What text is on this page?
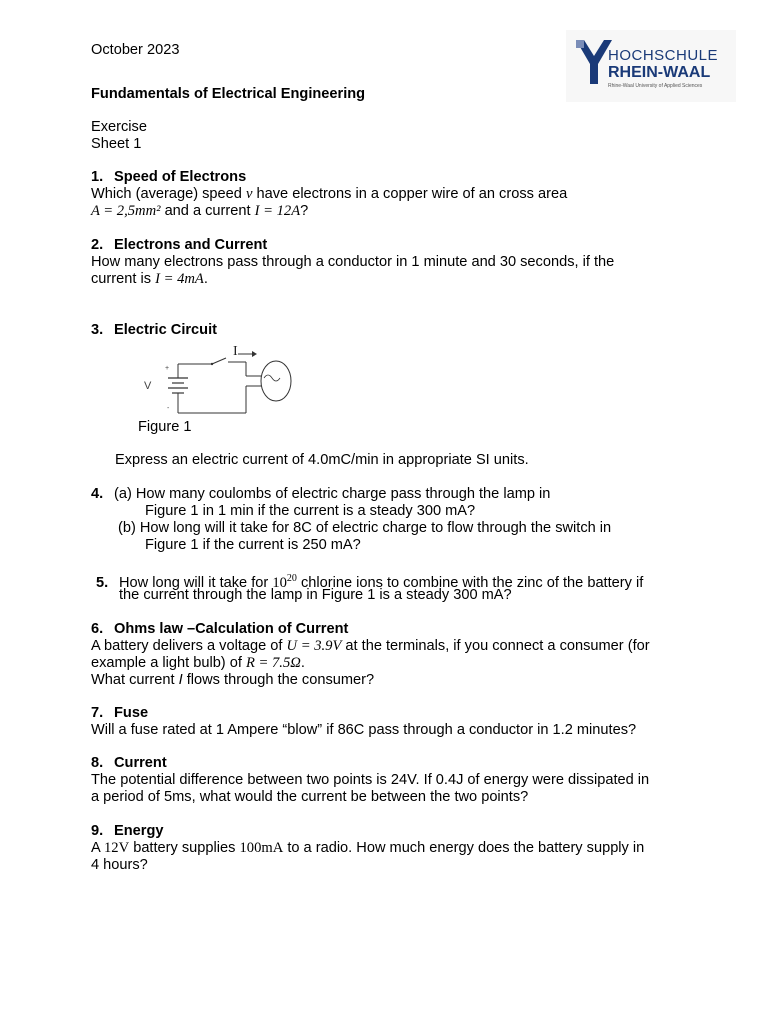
October 2023
Fundamentals of Electrical Engineering
Exercise
Sheet 1
HOCHSCHULE
RHEIN-WAAL
Rhine-Waal University of Applied Sciences
1. Speed of Electrons
Which (average) speed v have electrons in a copper wire of an cross area
A = 2,5mm² and a current I = 12A?
2. Electrons and Current
How many electrons pass through a conductor in 1 minute and 30 seconds, if the
current is I = 4mA.
3. Electric Circuit
I
V
+
-
Figure 1
Express an electric current of 4.0mC/min in appropriate SI units.
4. (a) How many coulombs of electric charge pass through the lamp in
Figure 1 in 1 min if the current is a steady 300 mA?
(b) How long will it take for 8C of electric charge to flow through the switch in
Figure 1 if the current is 250 mA?
5. How long will it take for $10^{20}$ chlorine ions to combine with the zinc of the battery if
the current through the lamp in Figure 1 is a steady 300 mA?
6. Ohms law –Calculation of Current
A battery delivers a voltage of U = 3.9V at the terminals, if you connect a consumer (for
example a light bulb) of R = 7.5Ω.
What current I flows through the consumer?
7. Fuse
Will a fuse rated at 1 Ampere “blow” if 86C pass through a conductor in 1.2 minutes?
8. Current
The potential difference between two points is 24V. If 0.4J of energy were dissipated in
a period of 5ms, what would the current be between the two points?
9. Energy
A 12V battery supplies 100mA to a radio. How much energy does the battery supply in
4 hours?
